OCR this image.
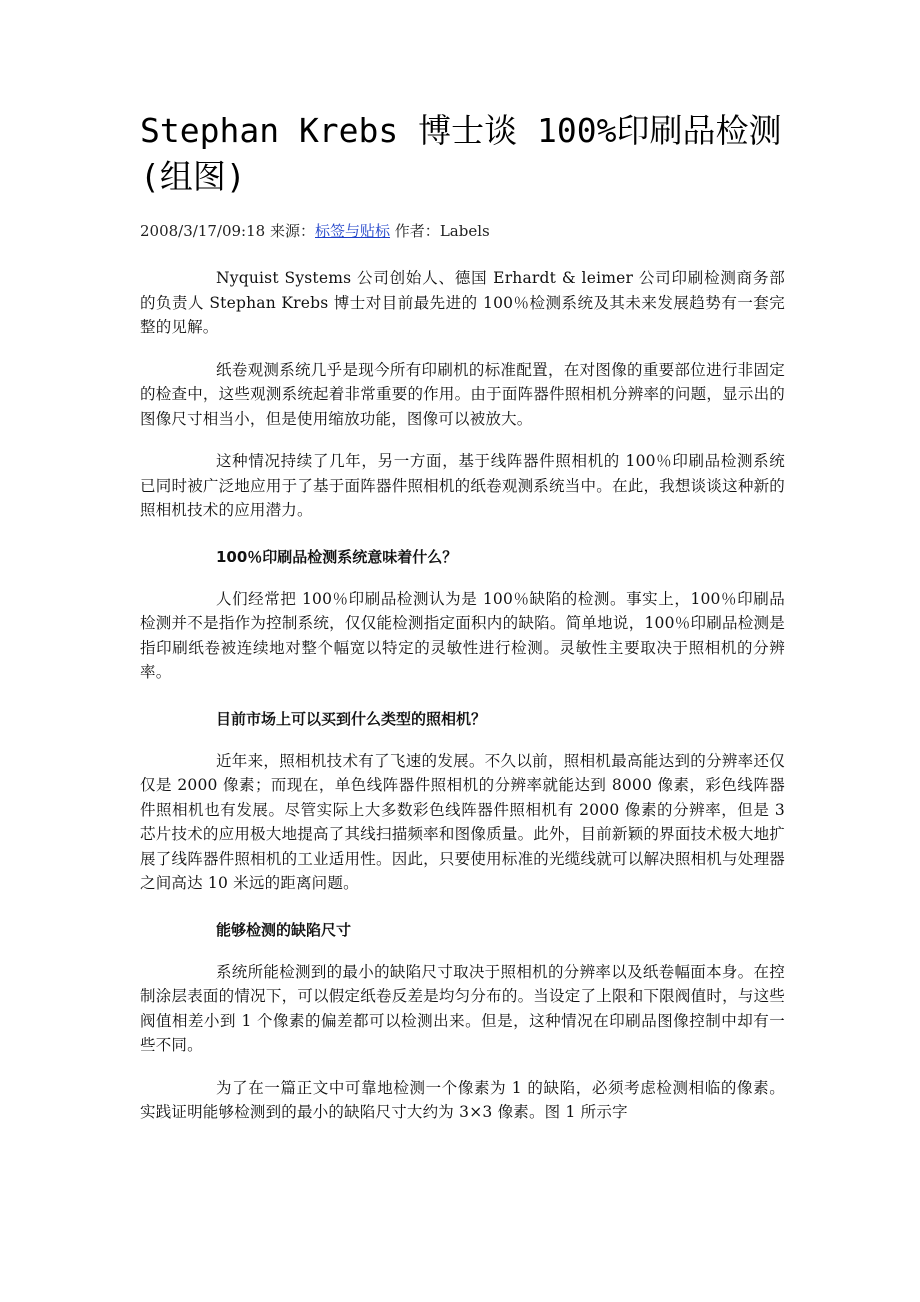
Stephan Krebs 博士谈 100%印刷品检测(组图)
2008/3/17/09:18 来源：标签与贴标 作者：Labels

Nyquist Systems 公司创始人、德国 Erhardt & leimer 公司印刷检测商务部的负责人 Stephan Krebs 博士对目前最先进的 100％检测系统及其未来发展趋势有一套完整的见解。

纸卷观测系统几乎是现今所有印刷机的标准配置，在对图像的重要部位进行非固定的检查中，这些观测系统起着非常重要的作用。由于面阵器件照相机分辨率的问题，显示出的图像尺寸相当小，但是使用缩放功能，图像可以被放大。

这种情况持续了几年，另一方面，基于线阵器件照相机的 100％印刷品检测系统已同时被广泛地应用于了基于面阵器件照相机的纸卷观测系统当中。在此，我想谈谈这种新的照相机技术的应用潜力。

100％印刷品检测系统意味着什么？

人们经常把 100％印刷品检测认为是 100％缺陷的检测。事实上，100％印刷品检测并不是指作为控制系统，仅仅能检测指定面积内的缺陷。简单地说，100％印刷品检测是指印刷纸卷被连续地对整个幅宽以特定的灵敏性进行检测。灵敏性主要取决于照相机的分辨率。

目前市场上可以买到什么类型的照相机？

近年来，照相机技术有了飞速的发展。不久以前，照相机最高能达到的分辨率还仅仅是 2000 像素；而现在，单色线阵器件照相机的分辨率就能达到 8000 像素，彩色线阵器件照相机也有发展。尽管实际上大多数彩色线阵器件照相机有 2000 像素的分辨率，但是 3 芯片技术的应用极大地提高了其线扫描频率和图像质量。此外，目前新颖的界面技术极大地扩展了线阵器件照相机的工业适用性。因此，只要使用标准的光缆线就可以解决照相机与处理器之间高达 10 米远的距离问题。

能够检测的缺陷尺寸

系统所能检测到的最小的缺陷尺寸取决于照相机的分辨率以及纸卷幅面本身。在控制涂层表面的情况下，可以假定纸卷反差是均匀分布的。当设定了上限和下限阀值时，与这些阀值相差小到 1 个像素的偏差都可以检测出来。但是，这种情况在印刷品图像控制中却有一些不同。

为了在一篇正文中可靠地检测一个像素为 1 的缺陷，必须考虑检测相临的像素。实践证明能够检测到的最小的缺陷尺寸大约为 3×3 像素。图 1 所示字
